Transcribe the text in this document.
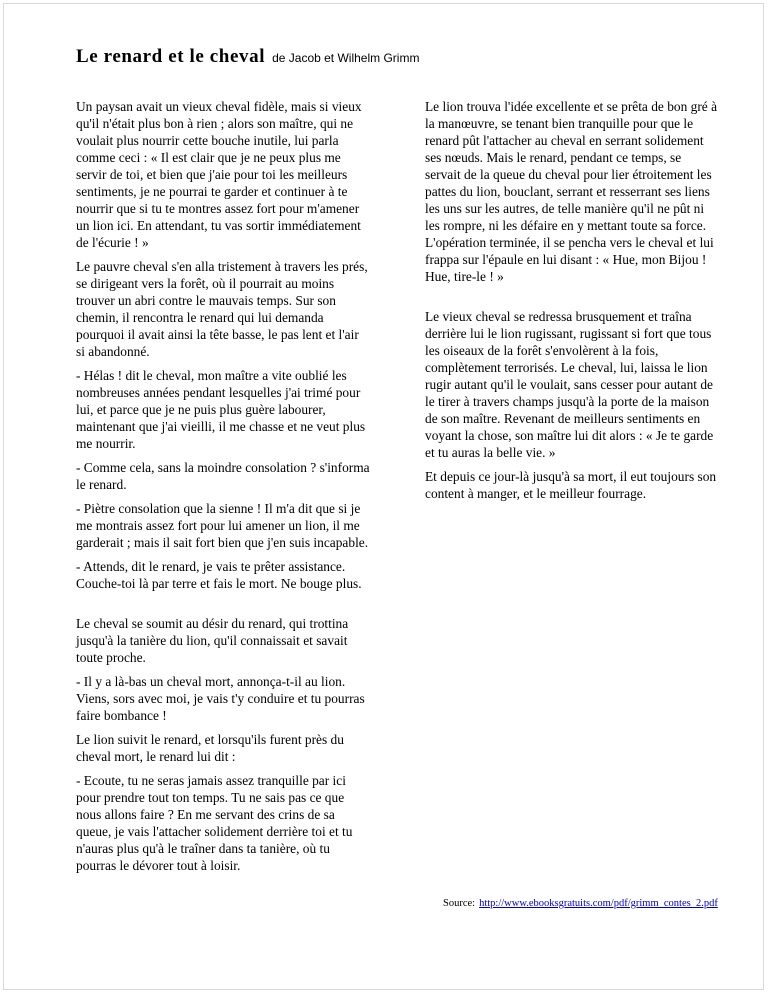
Le renard et le cheval de Jacob et Wilhelm Grimm

Un paysan avait un vieux cheval fidèle, mais si vieux qu'il n'était plus bon à rien ; alors son maître, qui ne voulait plus nourrir cette bouche inutile, lui parla comme ceci : « Il est clair que je ne peux plus me servir de toi, et bien que j'aie pour toi les meilleurs sentiments, je ne pourrai te garder et continuer à te nourrir que si tu te montres assez fort pour m'amener un lion ici. En attendant, tu vas sortir immédiatement de l'écurie ! »

Le pauvre cheval s'en alla tristement à travers les prés, se dirigeant vers la forêt, où il pourrait au moins trouver un abri contre le mauvais temps. Sur son chemin, il rencontra le renard qui lui demanda pourquoi il avait ainsi la tête basse, le pas lent et l'air si abandonné.

- Hélas ! dit le cheval, mon maître a vite oublié les nombreuses années pendant lesquelles j'ai trimé pour lui, et parce que je ne puis plus guère labourer, maintenant que j'ai vieilli, il me chasse et ne veut plus me nourrir.

- Comme cela, sans la moindre consolation ? s'informa le renard.

- Piètre consolation que la sienne ! Il m'a dit que si je me montrais assez fort pour lui amener un lion, il me garderait ; mais il sait fort bien que j'en suis incapable.

- Attends, dit le renard, je vais te prêter assistance. Couche-toi là par terre et fais le mort. Ne bouge plus.

Le cheval se soumit au désir du renard, qui trottina jusqu'à la tanière du lion, qu'il connaissait et savait toute proche.

- Il y a là-bas un cheval mort, annonça-t-il au lion. Viens, sors avec moi, je vais t'y conduire et tu pourras faire bombance !

Le lion suivit le renard, et lorsqu'ils furent près du cheval mort, le renard lui dit :

- Ecoute, tu ne seras jamais assez tranquille par ici pour prendre tout ton temps. Tu ne sais pas ce que nous allons faire ? En me servant des crins de sa queue, je vais l'attacher solidement derrière toi et tu n'auras plus qu'à le traîner dans ta tanière, où tu pourras le dévorer tout à loisir.

Le lion trouva l'idée excellente et se prêta de bon gré à la manœuvre, se tenant bien tranquille pour que le renard pût l'attacher au cheval en serrant solidement ses nœuds. Mais le renard, pendant ce temps, se servait de la queue du cheval pour lier étroitement les pattes du lion, bouclant, serrant et resserrant ses liens les uns sur les autres, de telle manière qu'il ne pût ni les rompre, ni les défaire en y mettant toute sa force. L'opération terminée, il se pencha vers le cheval et lui frappa sur l'épaule en lui disant : « Hue, mon Bijou ! Hue, tire-le ! »

Le vieux cheval se redressa brusquement et traîna derrière lui le lion rugissant, rugissant si fort que tous les oiseaux de la forêt s'envolèrent à la fois, complètement terrorisés. Le cheval, lui, laissa le lion rugir autant qu'il le voulait, sans cesser pour autant de le tirer à travers champs jusqu'à la porte de la maison de son maître. Revenant de meilleurs sentiments en voyant la chose, son maître lui dit alors : « Je te garde et tu auras la belle vie. »

Et depuis ce jour-là jusqu'à sa mort, il eut toujours son content à manger, et le meilleur fourrage.

Source: http://www.ebooksgratuits.com/pdf/grimm_contes_2.pdf
